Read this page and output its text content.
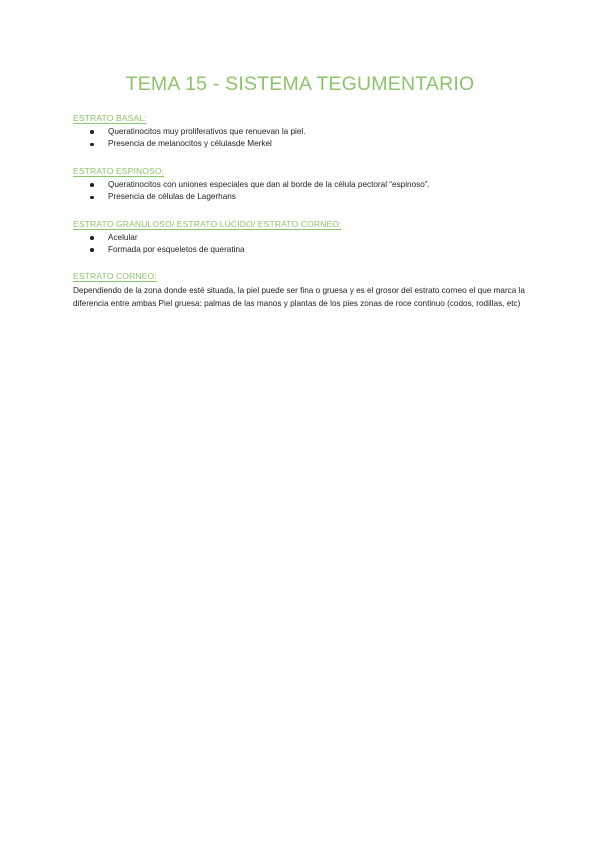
TEMA 15 - SISTEMA TEGUMENTARIO

ESTRATO BASAL:

Queratinocitos muy proliferativos que renuevan la piel.
Presencia de melanocitos y célulasde Merkel

ESTRATO ESPINOSO:

Queratinocitos con uniones especiales que dan al borde de la célula pectoral “espinoso”.
Presencia de células de Lagerhans

ESTRATO GRANULOSO/ ESTRATO LÚCIDO/ ESTRATO CORNEO:

Acelular
Formada por esqueletos de queratina

ESTRATO CORNEO:

Dependiendo de la zona donde esté situada, la piel puede ser fina o gruesa y es el grosor del estrato corneo el que marca la diferencia entre ambas Piel gruesa: palmas de las manos y plantas de los pies zonas de roce continuo (codos, rodillas, etc)
